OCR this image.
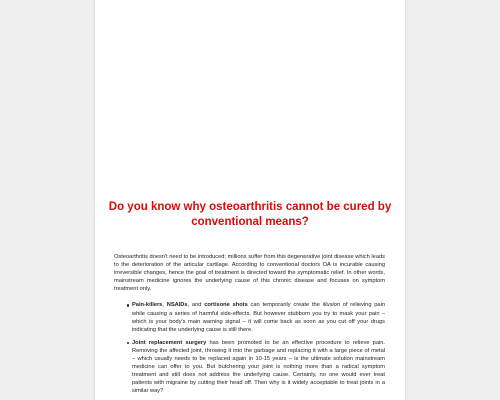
Do you know why osteoarthritis cannot be cured by conventional means?

Osteoarthritis doesn't need to be introduced; millions suffer from this degenerative joint disease which leads to the deterioration of the articular cartilage. According to conventional doctors OA is incurable causing irreversible changes, hence the goal of treatment is directed toward the symptomatic relief. In other words, mainstream medicine ignores the underlying cause of this chronic disease and focuses on symptom treatment only.

Pain-killers, NSAIDs, and cortisone shots can temporarily create the illusion of relieving pain while causing a series of harmful side-effects. But however stubborn you try to mask your pain – which is your body's main warning signal – it will come back as soon as you cut off your drugs indicating that the underlying cause is still there.
Joint replacement surgery has been promoted to be an effective procedure to relieve pain. Removing the affected joint, throwing it into the garbage and replacing it with a large piece of metal – which usually needs to be replaced again in 10-15 years – is the ultimate solution mainstream medicine can offer to you. But butchering your joint is nothing more than a radical symptom treatment and still does not address the underlying cause. Certainly, no one would ever treat patients with migraine by cutting their head off. Then why is it widely acceptable to treat joints in a similar way?
